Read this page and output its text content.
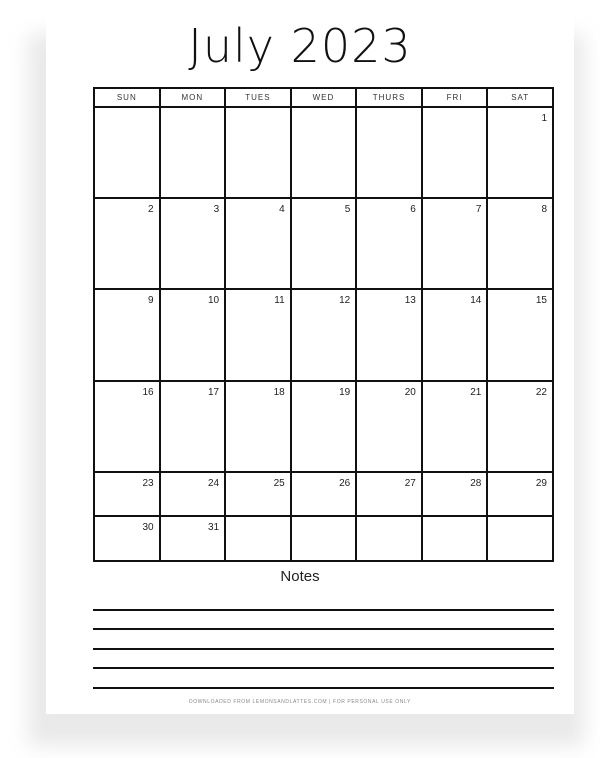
July 2023
SUN	MON	TUES	WED	THURS	FRI	SAT

						1

2	3	4	5	6	7	8

9	10	11	12	13	14	15

16	17	18	19	20	21	22

23	24	25	26	27	28	29

30	31					

Notes
DOWNLOADED FROM LEMONSANDLATTES.COM | FOR PERSONAL USE ONLY
